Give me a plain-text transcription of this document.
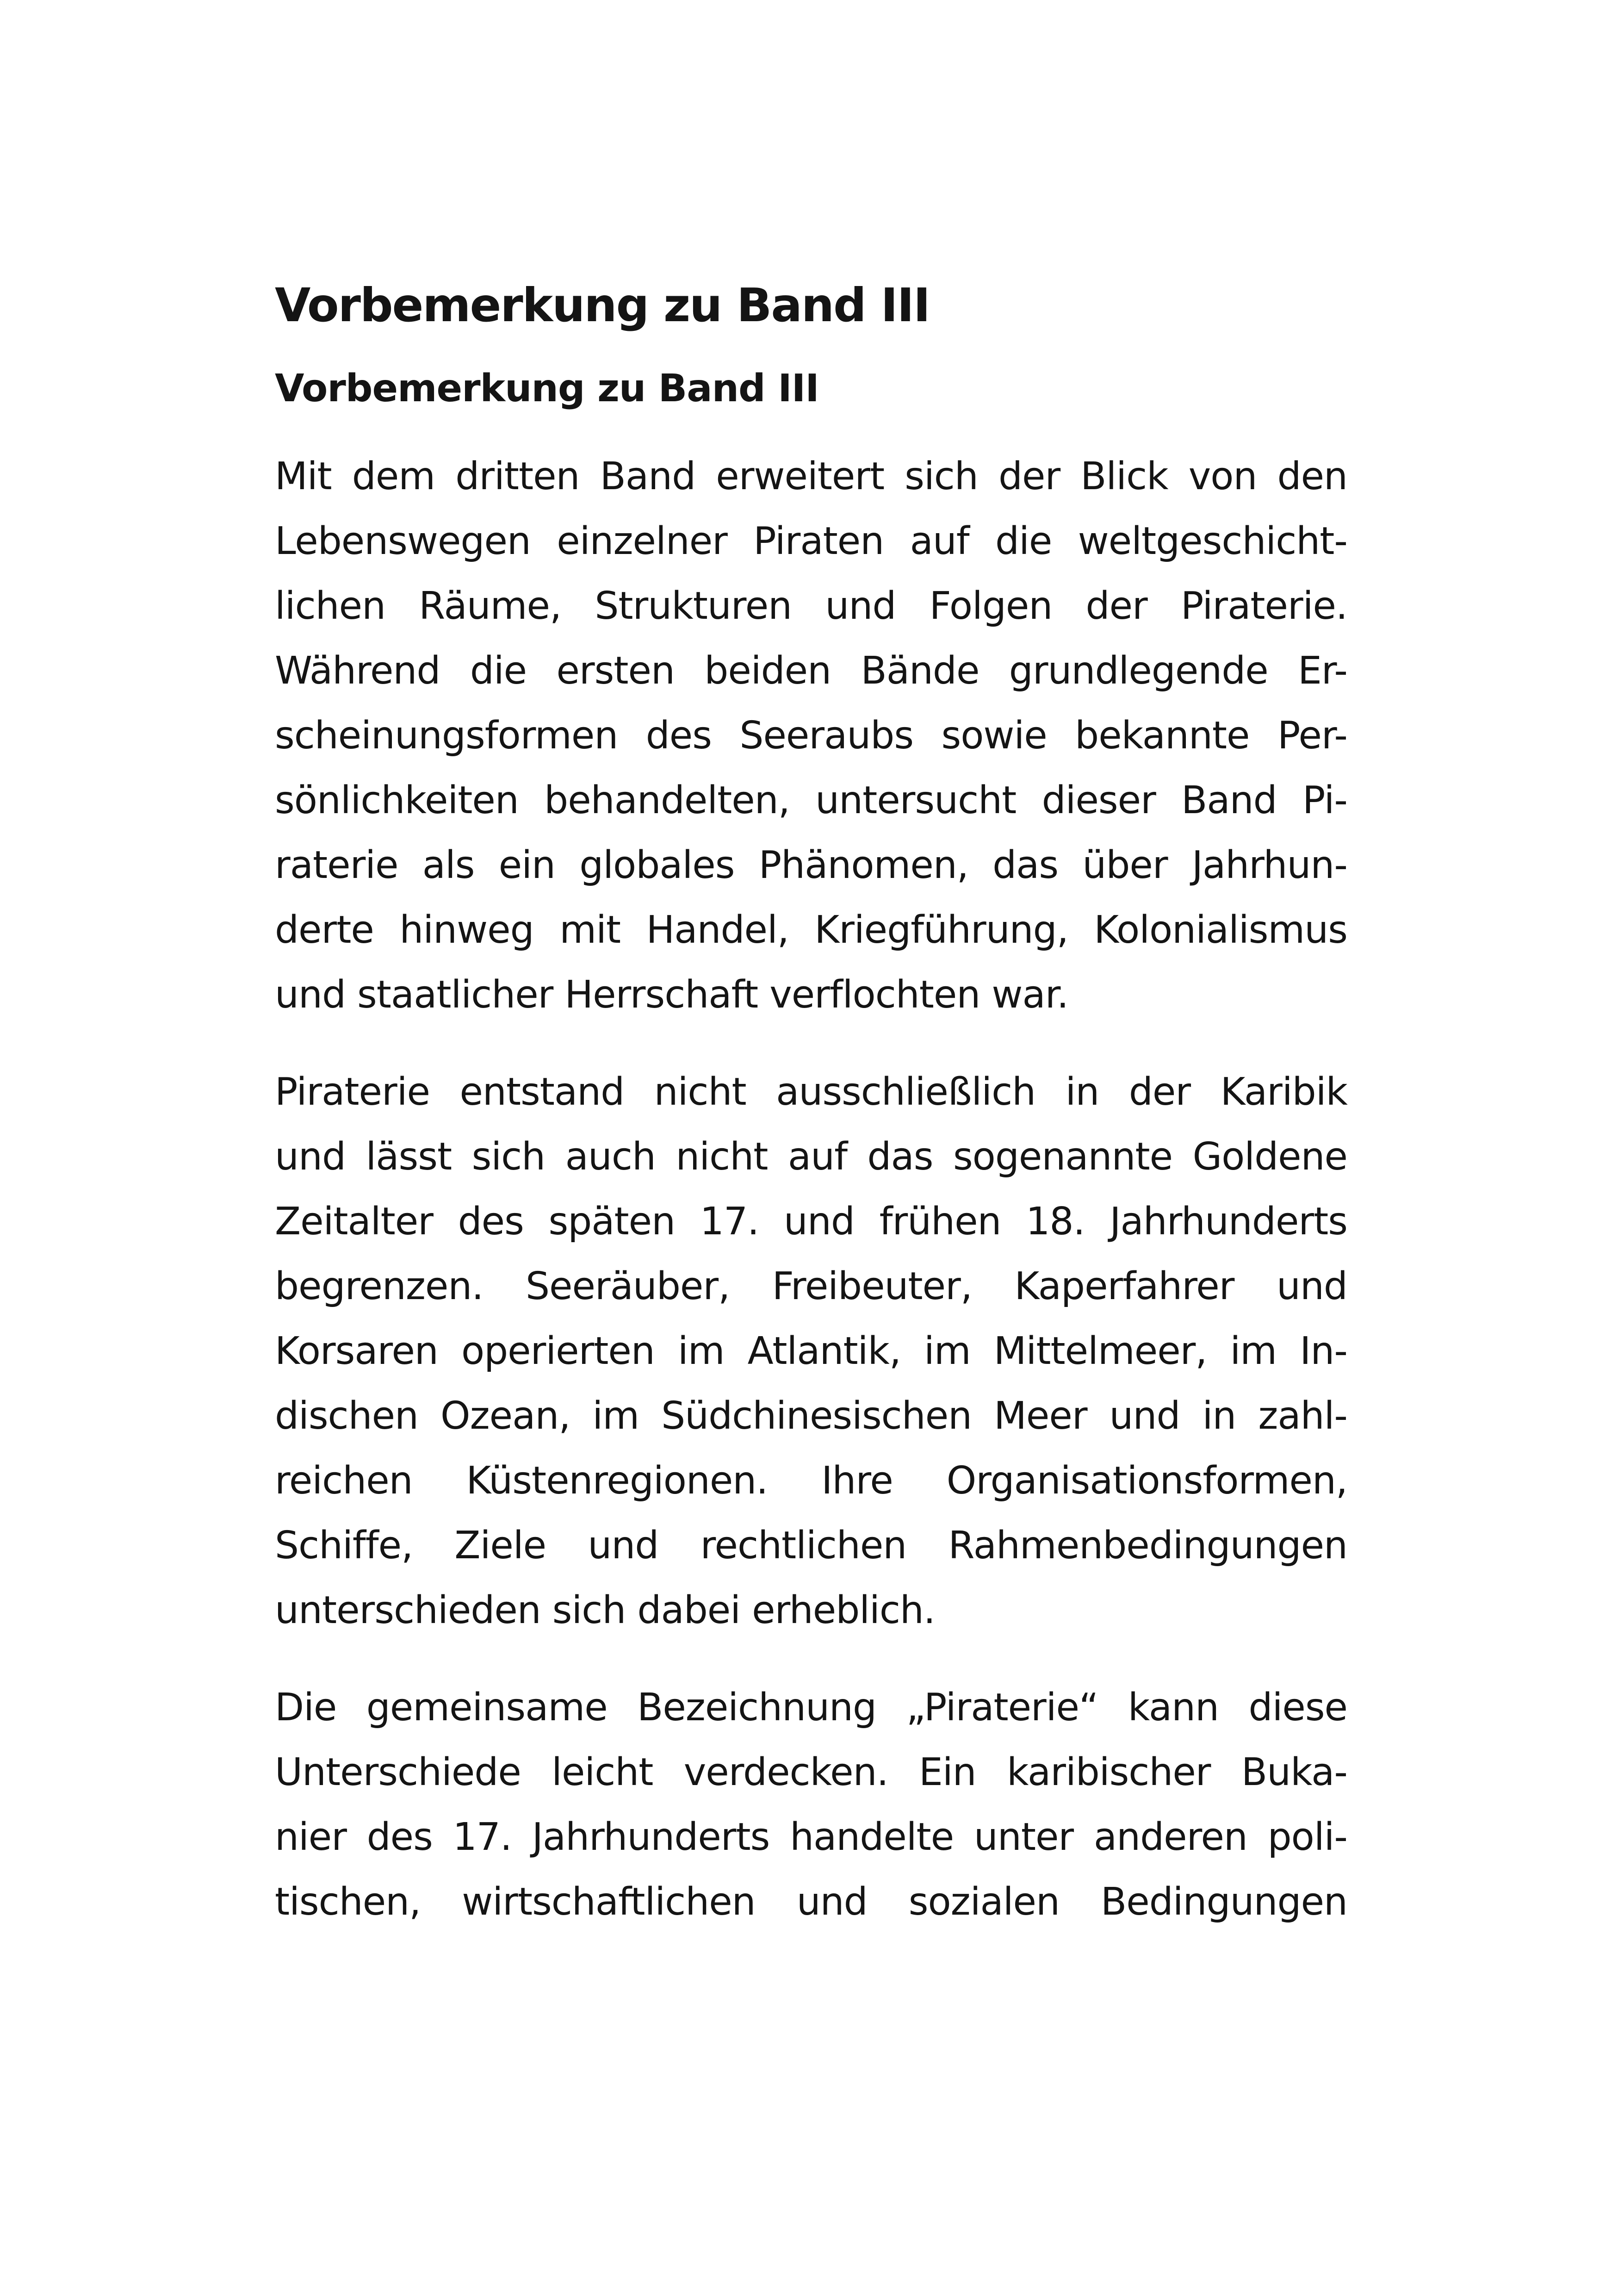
Vorbemerkung zu Band III
Vorbemerkung zu Band III

Mit dem dritten Band erweitert sich der Blick von den
Lebenswegen einzelner Piraten auf die weltgeschicht-
lichen Räume, Strukturen und Folgen der Piraterie.
Während die ersten beiden Bände grundlegende Er-
scheinungsformen des Seeraubs sowie bekannte Per-
sönlichkeiten behandelten, untersucht dieser Band Pi-
raterie als ein globales Phänomen, das über Jahrhun-
derte hinweg mit Handel, Kriegführung, Kolonialismus
und staatlicher Herrschaft verflochten war.

Piraterie entstand nicht ausschließlich in der Karibik
und lässt sich auch nicht auf das sogenannte Goldene
Zeitalter des späten 17. und frühen 18. Jahrhunderts
begrenzen. Seeräuber, Freibeuter, Kaperfahrer und
Korsaren operierten im Atlantik, im Mittelmeer, im In-
dischen Ozean, im Südchinesischen Meer und in zahl-
reichen Küstenregionen. Ihre Organisationsformen,
Schiffe, Ziele und rechtlichen Rahmenbedingungen
unterschieden sich dabei erheblich.

Die gemeinsame Bezeichnung „Piraterie“ kann diese
Unterschiede leicht verdecken. Ein karibischer Buka-
nier des 17. Jahrhunderts handelte unter anderen poli-
tischen, wirtschaftlichen und sozialen Bedingungen
